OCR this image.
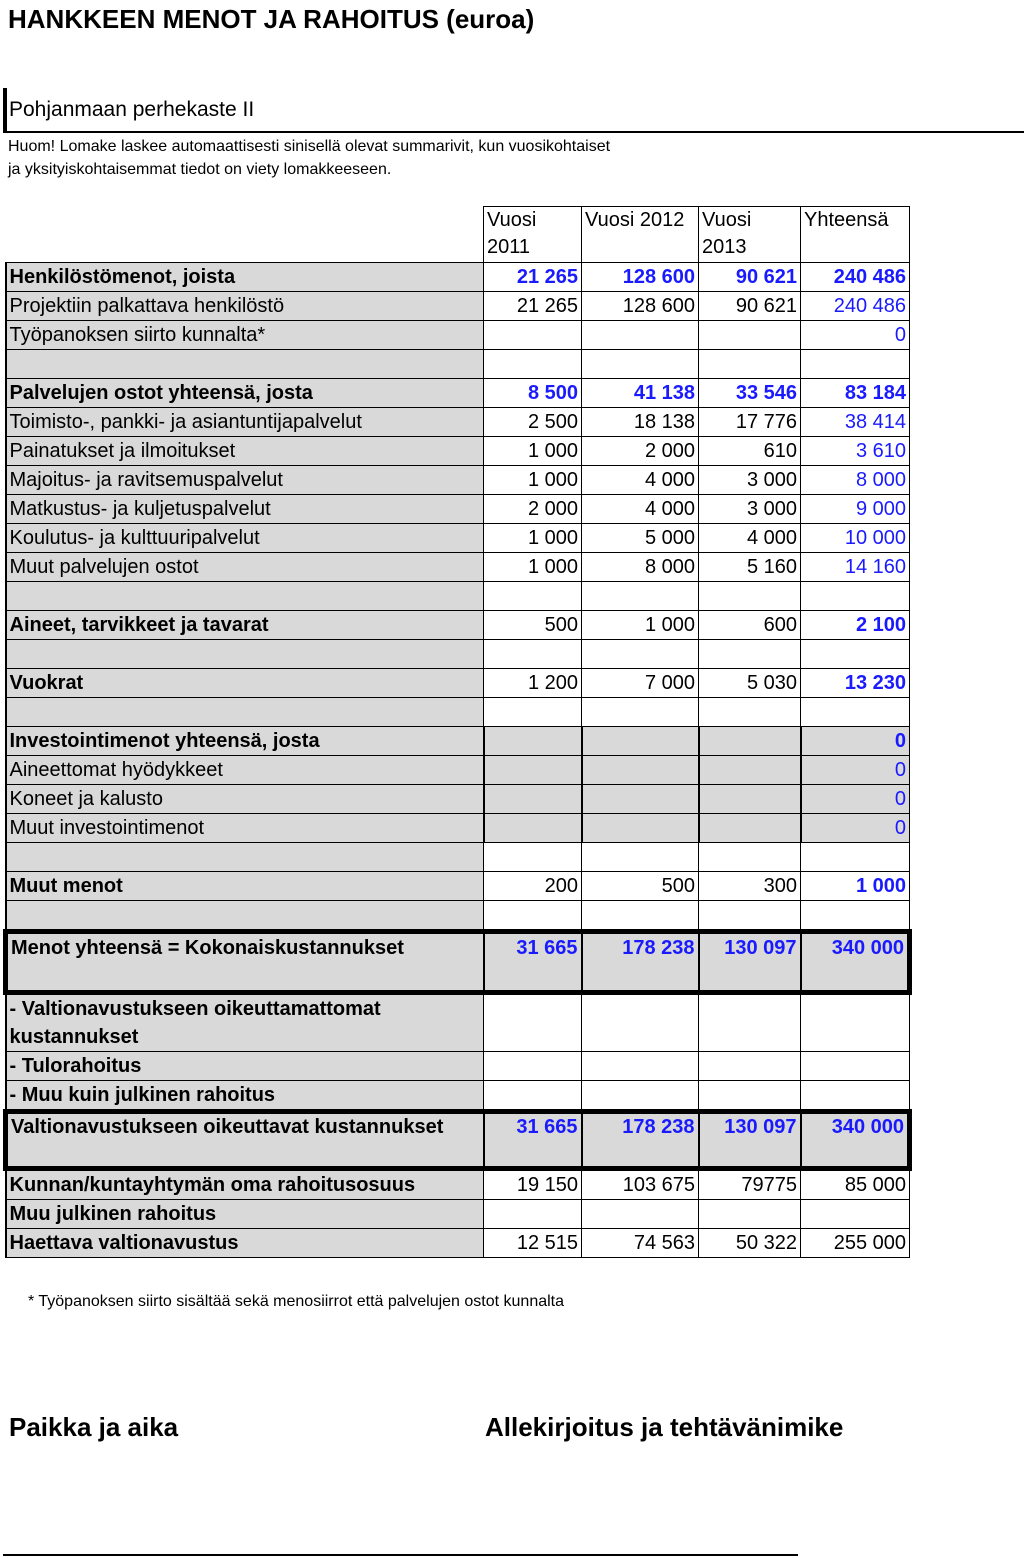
HANKKEEN MENOT JA RAHOITUS (euroa)
Pohjanmaan perhekaste II
Huom! Lomake laskee automaattisesti sinisellä olevat summarivit, kun vuosikohtaiset
ja yksityiskohtaisemmat tiedot on viety lomakkeeseen.
	Vuosi 2011	Vuosi 2012	Vuosi 2013	Yhteensä
Henkilöstömenot, joista	21 265	128 600	90 621	240 486
Projektiin palkattava henkilöstö	21 265	128 600	90 621	240 486
Työpanoksen siirto kunnalta*				0

Palvelujen ostot yhteensä, josta	8 500	41 138	33 546	83 184
Toimisto-, pankki- ja asiantuntijapalvelut	2 500	18 138	17 776	38 414
Painatukset ja ilmoitukset	1 000	2 000	610	3 610
Majoitus- ja ravitsemuspalvelut	1 000	4 000	3 000	8 000
Matkustus- ja kuljetuspalvelut	2 000	4 000	3 000	9 000
Koulutus- ja kulttuuripalvelut	1 000	5 000	4 000	10 000
Muut palvelujen ostot	1 000	8 000	5 160	14 160

Aineet, tarvikkeet ja tavarat	500	1 000	600	2 100

Vuokrat	1 200	7 000	5 030	13 230

Investointimenot yhteensä, josta				0
Aineettomat hyödykkeet				0
Koneet ja kalusto				0
Muut investointimenot				0

Muut menot	200	500	300	1 000

Menot yhteensä = Kokonaiskustannukset	31 665	178 238	130 097	340 000
- Valtionavustukseen oikeuttamattomat kustannukset				
- Tulorahoitus				
- Muu kuin julkinen rahoitus				
Valtionavustukseen oikeuttavat kustannukset	31 665	178 238	130 097	340 000
Kunnan/kuntayhtymän oma rahoitusosuus	19 150	103 675	79775	85 000
Muu julkinen rahoitus				
Haettava valtionavustus	12 515	74 563	50 322	255 000
* Työpanoksen siirto sisältää sekä menosiirrot että palvelujen ostot kunnalta
Paikka ja aika	Allekirjoitus ja tehtävänimike
